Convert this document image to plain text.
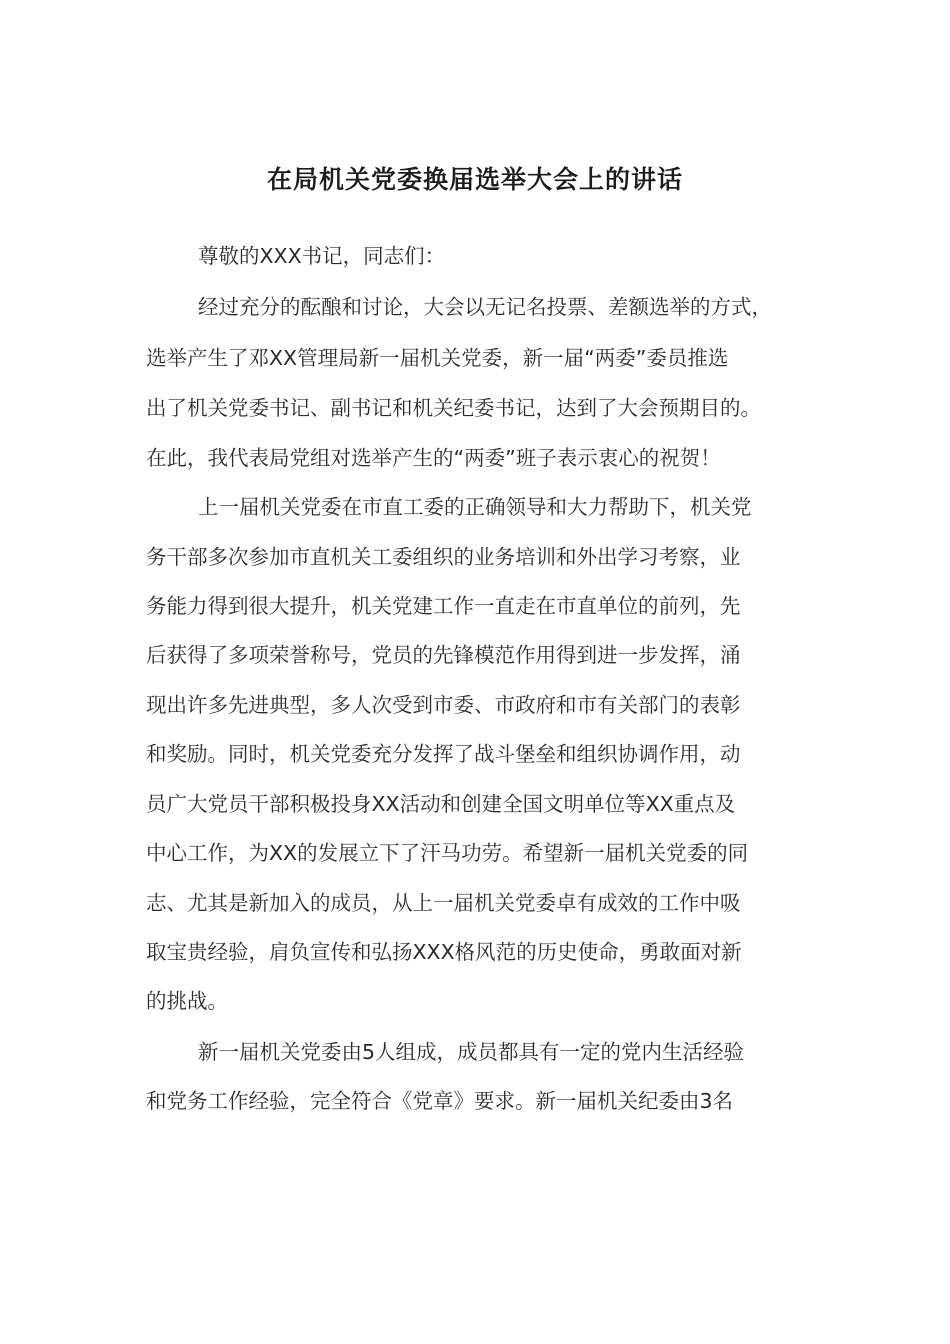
在局机关党委换届选举大会上的讲话
尊敬的XXX书记，同志们：
经过充分的酝酿和讨论，大会以无记名投票、差额选举的方式，
选举产生了邓XX管理局新一届机关党委，新一届“两委”委员推选
出了机关党委书记、副书记和机关纪委书记，达到了大会预期目的。
在此，我代表局党组对选举产生的“两委”班子表示衷心的祝贺！
上一届机关党委在市直工委的正确领导和大力帮助下，机关党
务干部多次参加市直机关工委组织的业务培训和外出学习考察，业
务能力得到很大提升，机关党建工作一直走在市直单位的前列，先
后获得了多项荣誉称号，党员的先锋模范作用得到进一步发挥，涌
现出许多先进典型，多人次受到市委、市政府和市有关部门的表彰
和奖励。同时，机关党委充分发挥了战斗堡垒和组织协调作用，动
员广大党员干部积极投身XX活动和创建全国文明单位等XX重点及
中心工作，为XX的发展立下了汗马功劳。希望新一届机关党委的同
志、尤其是新加入的成员，从上一届机关党委卓有成效的工作中吸
取宝贵经验，肩负宣传和弘扬XXX格风范的历史使命，勇敢面对新
的挑战。
新一届机关党委由5人组成，成员都具有一定的党内生活经验
和党务工作经验，完全符合《党章》要求。新一届机关纪委由3名
